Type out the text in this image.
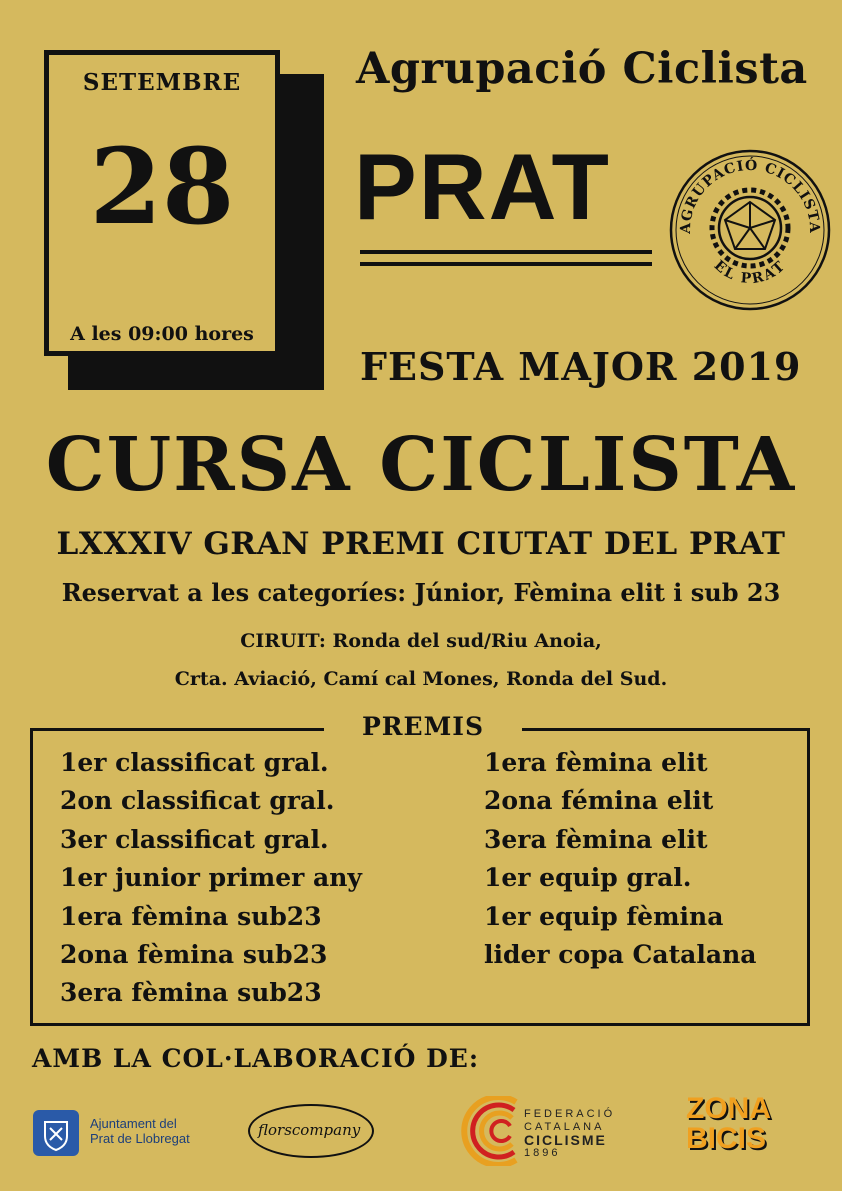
SETEMBRE
28
A les 09:00 hores
Agrupació Ciclista
PRAT
FESTA MAJOR 2019
AGRUPACIÓ CICLISTA
EL PRAT
CURSA CICLISTA
LXXXIV GRAN PREMI CIUTAT DEL PRAT
Reservat a les categoríes: Júnior, Fèmina elit i sub 23
CIRUIT: Ronda del sud/Riu Anoia,
Crta. Aviació, Camí cal Mones, Ronda del Sud.
PREMIS
1er classificat gral.
2on classificat gral.
3er classificat gral.
1er junior primer any
1era fèmina sub23
2ona fèmina sub23
3era fèmina sub23
1era fèmina elit
2ona fémina elit
3era fèmina elit
1er equip gral.
1er equip fèmina
lider copa Catalana
AMB LA COL·LABORACIÓ DE:
Ajuntament del
Prat de Llobregat	florscompany
FEDERACIÓ
CATALANA
CICLISME
1896
ZONA
BICIS
